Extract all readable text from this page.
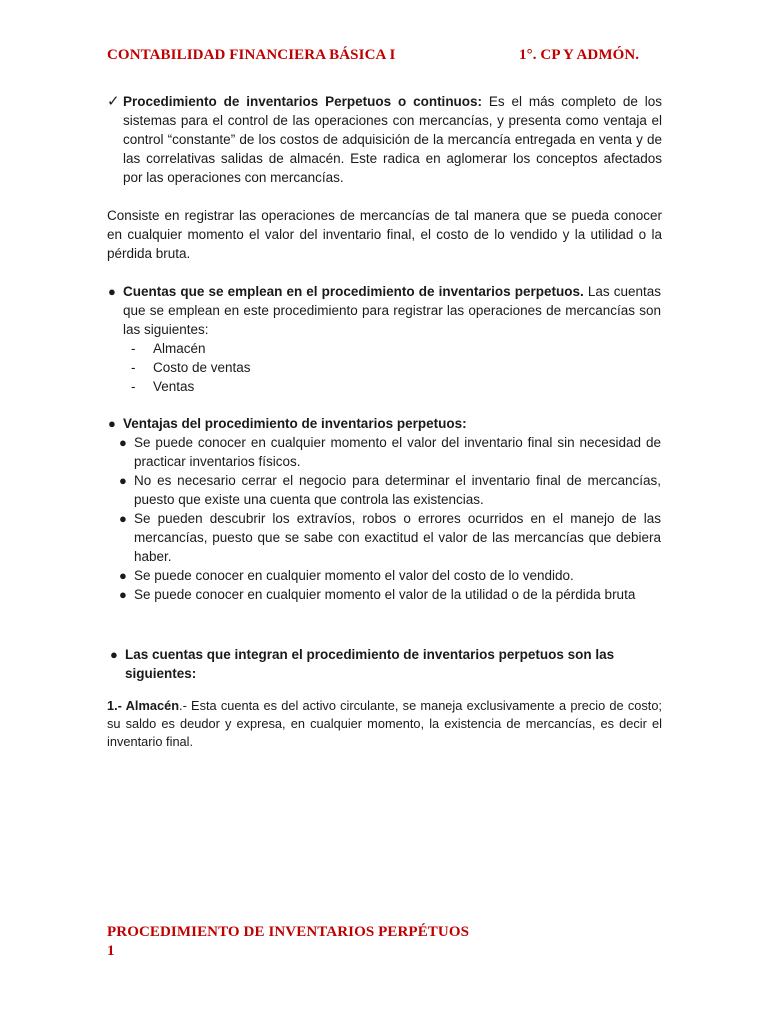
CONTABILIDAD FINANCIERA BÁSICA I	1°. CP Y ADMÓN.
✓ Procedimiento de inventarios Perpetuos o continuos: Es el más completo de los sistemas para el control de las operaciones con mercancías, y presenta como ventaja el control “constante” de los costos de adquisición de la mercancía entregada en venta y de las correlativas salidas de almacén. Este radica en aglomerar los conceptos afectados por las operaciones con mercancías.
Consiste en registrar las operaciones de mercancías de tal manera que se pueda conocer en cualquier momento el valor del inventario final, el costo de lo vendido y la utilidad o la pérdida bruta.
● Cuentas que se emplean en el procedimiento de inventarios perpetuos. Las cuentas que se emplean en este procedimiento para registrar las operaciones de mercancías son las siguientes:
- Almacén
- Costo de ventas
- Ventas
● Ventajas del procedimiento de inventarios perpetuos:
● Se puede conocer en cualquier momento el valor del inventario final sin necesidad de practicar inventarios físicos.
● No es necesario cerrar el negocio para determinar el inventario final de mercancías, puesto que existe una cuenta que controla las existencias.
● Se pueden descubrir los extravíos, robos o errores ocurridos en el manejo de las mercancías, puesto que se sabe con exactitud el valor de las mercancías que debiera haber.
● Se puede conocer en cualquier momento el valor del costo de lo vendido.
● Se puede conocer en cualquier momento el valor de la utilidad o de la pérdida bruta
● Las cuentas que integran el procedimiento de inventarios perpetuos son las siguientes:
1.- Almacén.- Esta cuenta es del activo circulante, se maneja exclusivamente a precio de costo; su saldo es deudor y expresa, en cualquier momento, la existencia de mercancías, es decir el inventario final.
PROCEDIMIENTO DE INVENTARIOS PERPÉTUOS
1
